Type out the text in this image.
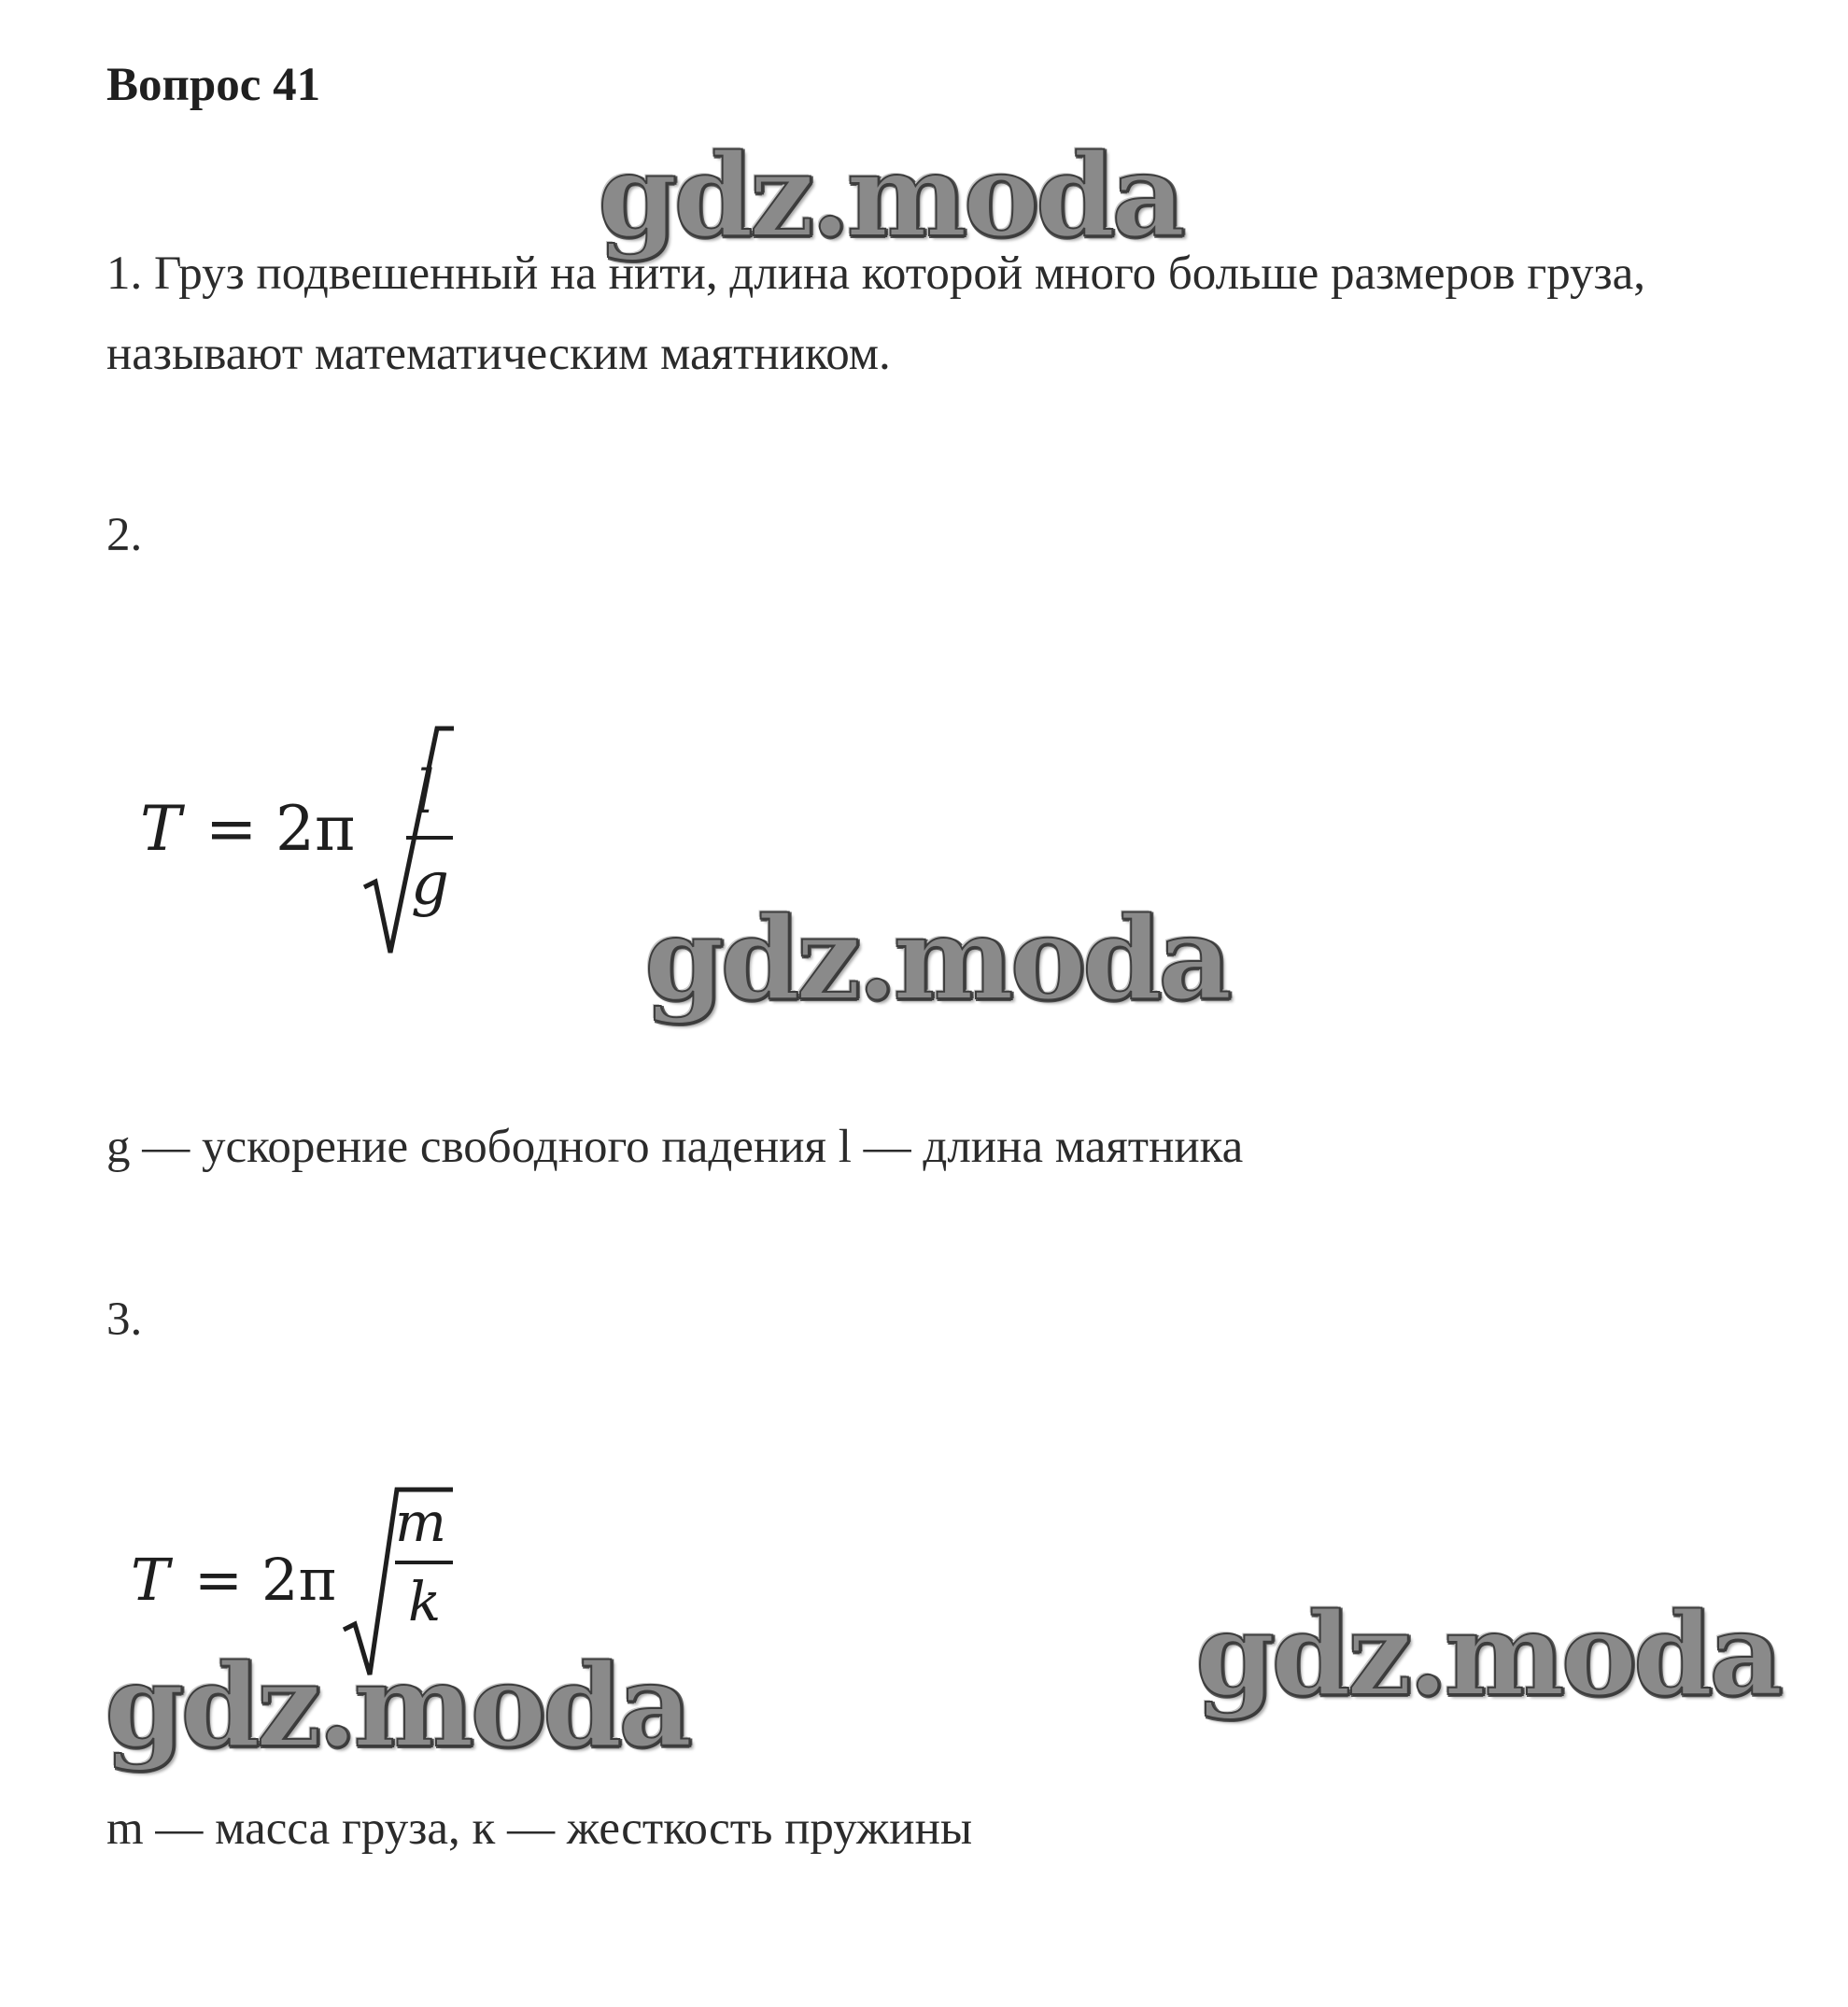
Вопрос 41
1. Груз подвешенный на нити, длина которой много больше размеров груза, называют математическим маятником.
2.
T = 2π l
g
g — ускорение свободного падения l — длина маятника
3.
T = 2π
m
k
m — масса груза, к — жесткость пружины
gdz.moda
gdz.moda
gdz.moda	gdz.moda
